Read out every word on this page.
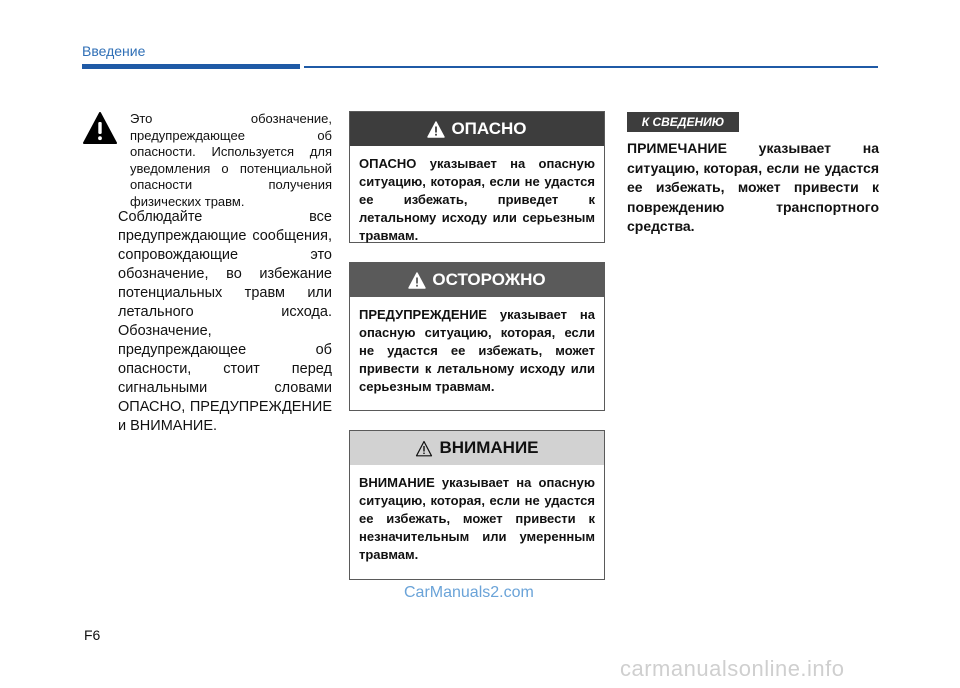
Введение
Это обозначение, предупреждающее об опасности. Используется для уведомления о потенциальной опасности получения физических травм.
Соблюдайте все предупреждающие сообщения, сопровождающие это обозначение, во избежание потенциальных травм или летального исхода. Обозначение, предупреждающее об опасности, стоит перед сигнальными словами ОПАСНО, ПРЕДУПРЕЖДЕНИЕ и ВНИМАНИЕ.
ОПАСНО
ОПАСНО указывает на опасную ситуацию, которая, если не удастся ее избежать, приведет к летальному исходу или серьезным травмам.
ОСТОРОЖНО
ПРЕДУПРЕЖДЕНИЕ указывает на опасную ситуацию, которая, если не удастся ее избежать, может привести к летальному исходу или серьезным травмам.
ВНИМАНИЕ
ВНИМАНИЕ указывает на опасную ситуацию, которая, если не удастся ее избежать, может привести к незначительным или умеренным травмам.
К СВЕДЕНИЮ
ПРИМЕЧАНИЕ указывает на ситуацию, которая, если не удастся ее избежать, может привести к повреждению транспортного средства.
CarManuals2.com
F6
carmanualsonline.info
